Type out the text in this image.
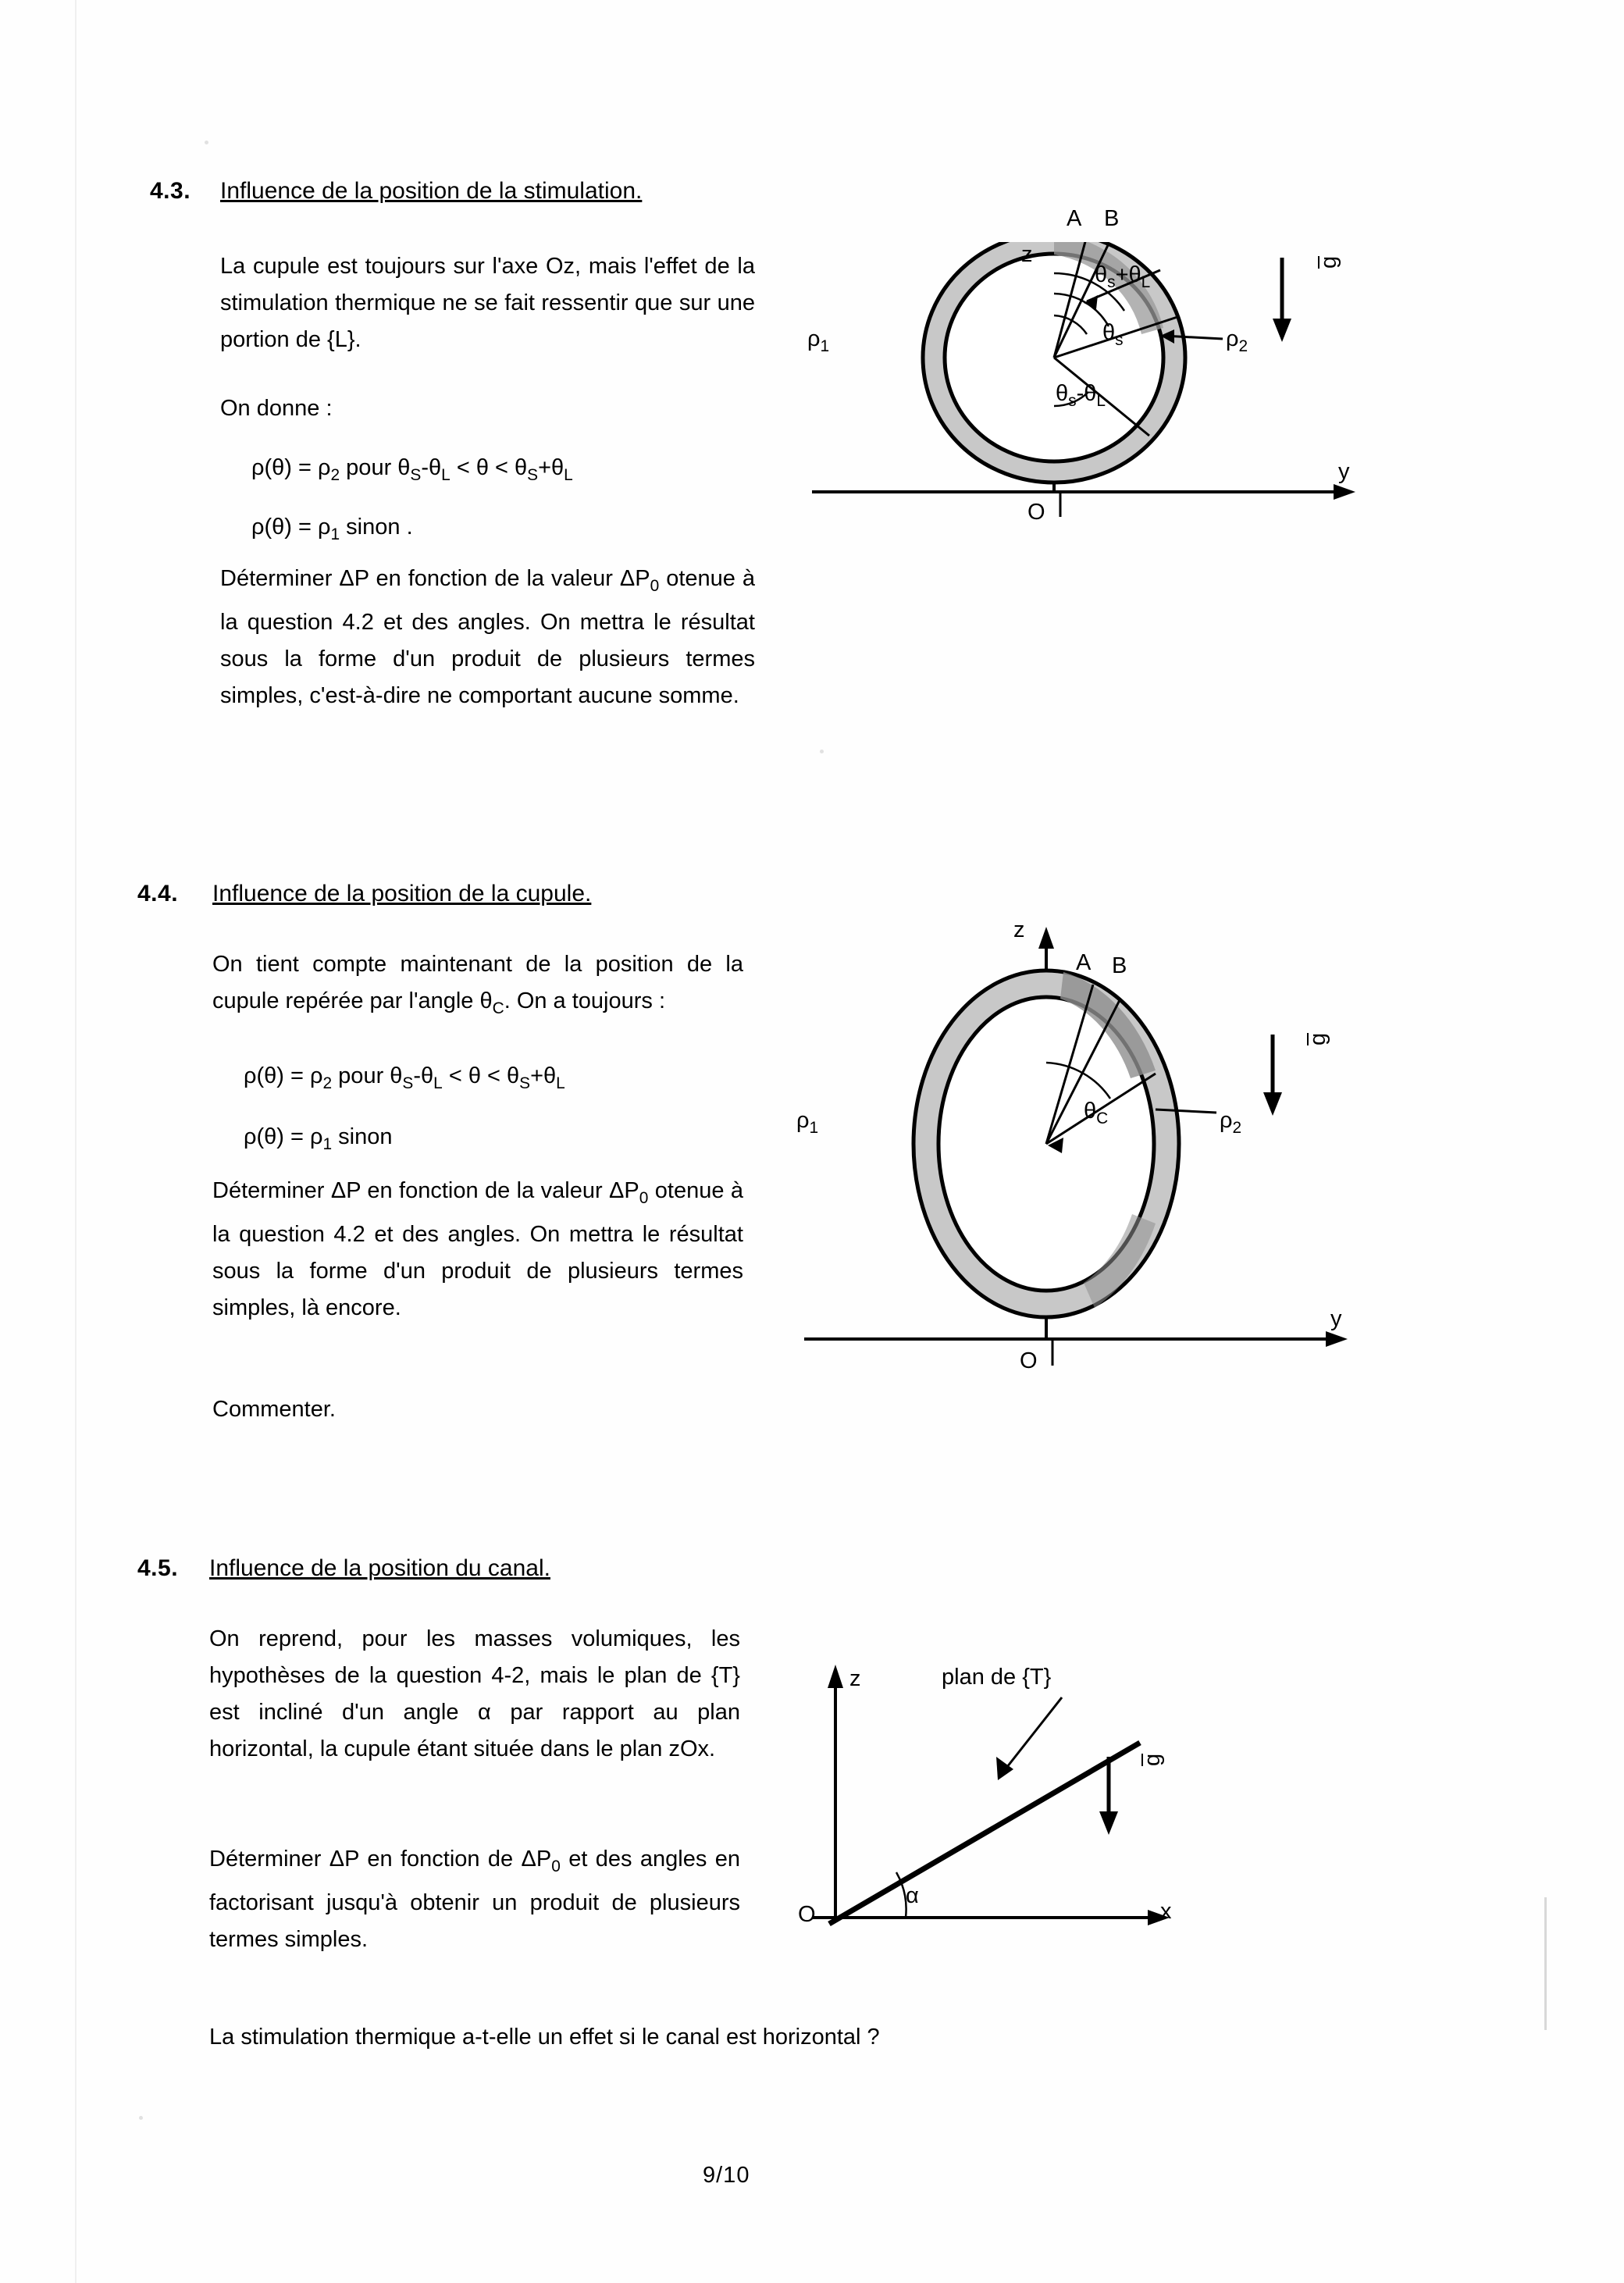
4.3. Influence de la position de la stimulation.
La cupule est toujours sur l'axe Oz, mais l'effet de la stimulation thermique ne se fait ressentir que sur une portion de {L}.
On donne :
$\rho(\theta) = \rho_2$ pour $\theta_S-\theta_L < \theta < \theta_S+\theta_L$
$\rho(\theta) = \rho_1$ sinon .
Déterminer ΔP en fonction de la valeur $\Delta P_0$ otenue à la question 4.2 et des angles. On mettra le résultat sous la forme d'un produit de plusieurs termes simples, c'est-à-dire ne comportant aucune somme.
z
y
O
A B
$\rho_1$	$\rho_2$
$\theta_s+\theta_L$
$\theta_s$
$\theta_s-\theta_L$
g
4.4. Influence de la position de la cupule.
On tient compte maintenant de la position de la cupule repérée par l'angle $\theta_C$. On a toujours :
$\rho(\theta) = \rho_2$ pour $\theta_S-\theta_L < \theta < \theta_S+\theta_L$
$\rho(\theta) = \rho_1$ sinon
Déterminer ΔP en fonction de la valeur $\Delta P_0$ otenue à la question 4.2 et des angles. On mettra le résultat sous la forme d'un produit de plusieurs termes simples, là encore.
Commenter.
z
y
O
A B
$\rho_1$	$\rho_2$
$\theta_C$
g
4.5. Influence de la position du canal.
On reprend, pour les masses volumiques, les hypothèses de la question 4-2, mais le plan de {T} est incliné d'un angle α par rapport au plan horizontal, la cupule étant située dans le plan zOx.
Déterminer ΔP en fonction de $\Delta P_0$ et des angles en factorisant jusqu'à obtenir un produit de plusieurs termes simples.
La stimulation thermique a-t-elle un effet si le canal est horizontal ?
z
x
O
plan de {T}
α
g
9/10
